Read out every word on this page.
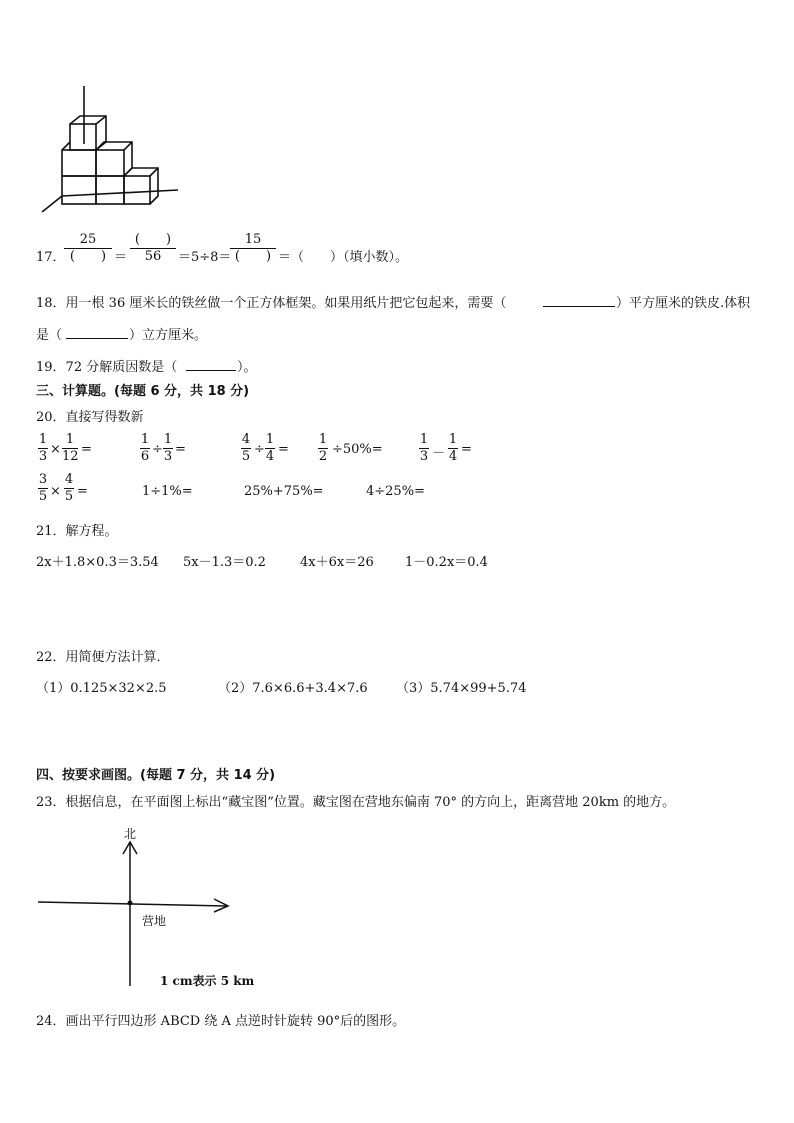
17．
25
(　　) ＝
(　　)
56	＝5÷8＝
15
(　　) ＝（　　）（填小数）。
18．用一根 36 厘米长的铁丝做一个正方体框架。如果用纸片把它包起来，需要（	）平方厘米的铁皮.体积
是（	）立方厘米。
19．72 分解质因数是（	）。
三、计算题。(每题 6 分，共 18 分)
20．直接写得数新
1
3 ×
1
12 =
1
6 ÷
1
3 =
4
5 ÷
1
4 =
1
2 ÷50%=
1
3 －
1
4 =
3
5 ×
4
5 =	1÷1%=	25%+75%=	4÷25%=
21．解方程。
2x＋1.8×0.3＝3.54 5x－1.3＝0.2	4x＋6x＝26 1－0.2x＝0.4
22．用简便方法计算．
（1）0.125×32×2.5	（2）7.6×6.6+3.4×7.6 （3）5.74×99+5.74
四、按要求画图。(每题 7 分，共 14 分)
23．根据信息，在平面图上标出“藏宝图”位置。藏宝图在营地东偏南 70° 的方向上，距离营地 20km 的地方。
北
营地
1 cm表示 5 km
24．画出平行四边形 ABCD 绕 A 点逆时针旋转 90°后的图形。
